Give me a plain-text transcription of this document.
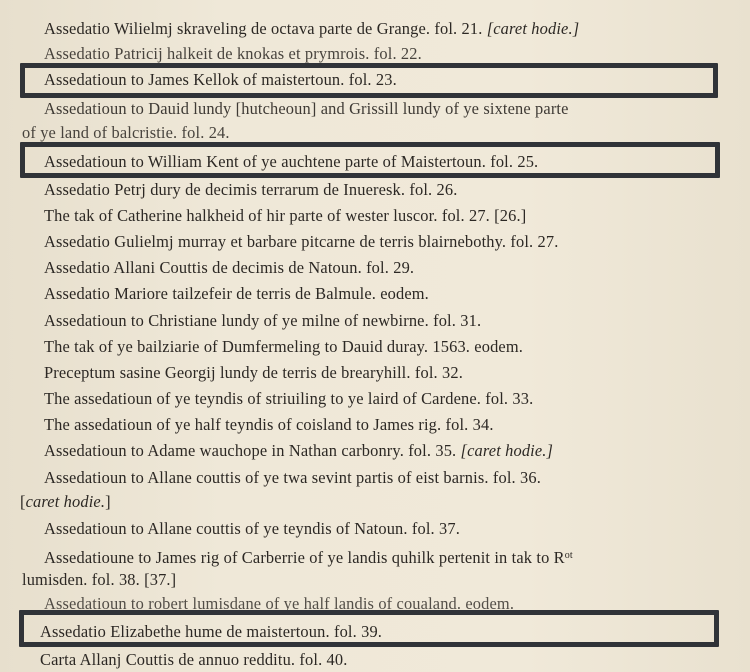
Assedatio Wilielmj skraveling de octava parte de Grange. fol. 21. [caret hodie.]
Assedatio Patricij halkeit de knokas et prymrois. fol. 22.
Assedatioun to James Kellok of maistertoun. fol. 23.
Assedatioun to Dauid lundy [hutcheoun] and Grissill lundy of ye sixtene parte
of ye land of balcristie. fol. 24.
Assedatioun to William Kent of ye auchtene parte of Maistertoun. fol. 25.
Assedatio Petrj dury de decimis terrarum de Inueresk. fol. 26.
The tak of Catherine halkheid of hir parte of wester luscor. fol. 27. [26.]
Assedatio Gulielmj murray et barbare pitcarne de terris blairnebothy. fol. 27.
Assedatio Allani Couttis de decimis de Natoun. fol. 29.
Assedatio Mariore tailzefeir de terris de Balmule. eodem.
Assedatioun to Christiane lundy of ye milne of newbirne. fol. 31.
The tak of ye bailziarie of Dumfermeling to Dauid duray. 1563. eodem.
Preceptum sasine Georgij lundy de terris de brearyhill. fol. 32.
The assedatioun of ye teyndis of striuiling to ye laird of Cardene. fol. 33.
The assedatioun of ye half teyndis of coisland to James rig. fol. 34.
Assedatioun to Adame wauchope in Nathan carbonry. fol. 35. [caret hodie.]
Assedatioun to Allane couttis of ye twa sevint partis of eist barnis. fol. 36.
[caret hodie.]
Assedatioun to Allane couttis of ye teyndis of Natoun. fol. 37.
Assedatioune to James rig of Carberrie of ye landis quhilk pertenit in tak to $R^{ot}$
lumisden. fol. 38. [37.]
Assedatioun to robert lumisdane of ye half landis of coualand. eodem.
Assedatio Elizabethe hume de maistertoun. fol. 39.
Carta Allanj Couttis de annuo redditu. fol. 40.
